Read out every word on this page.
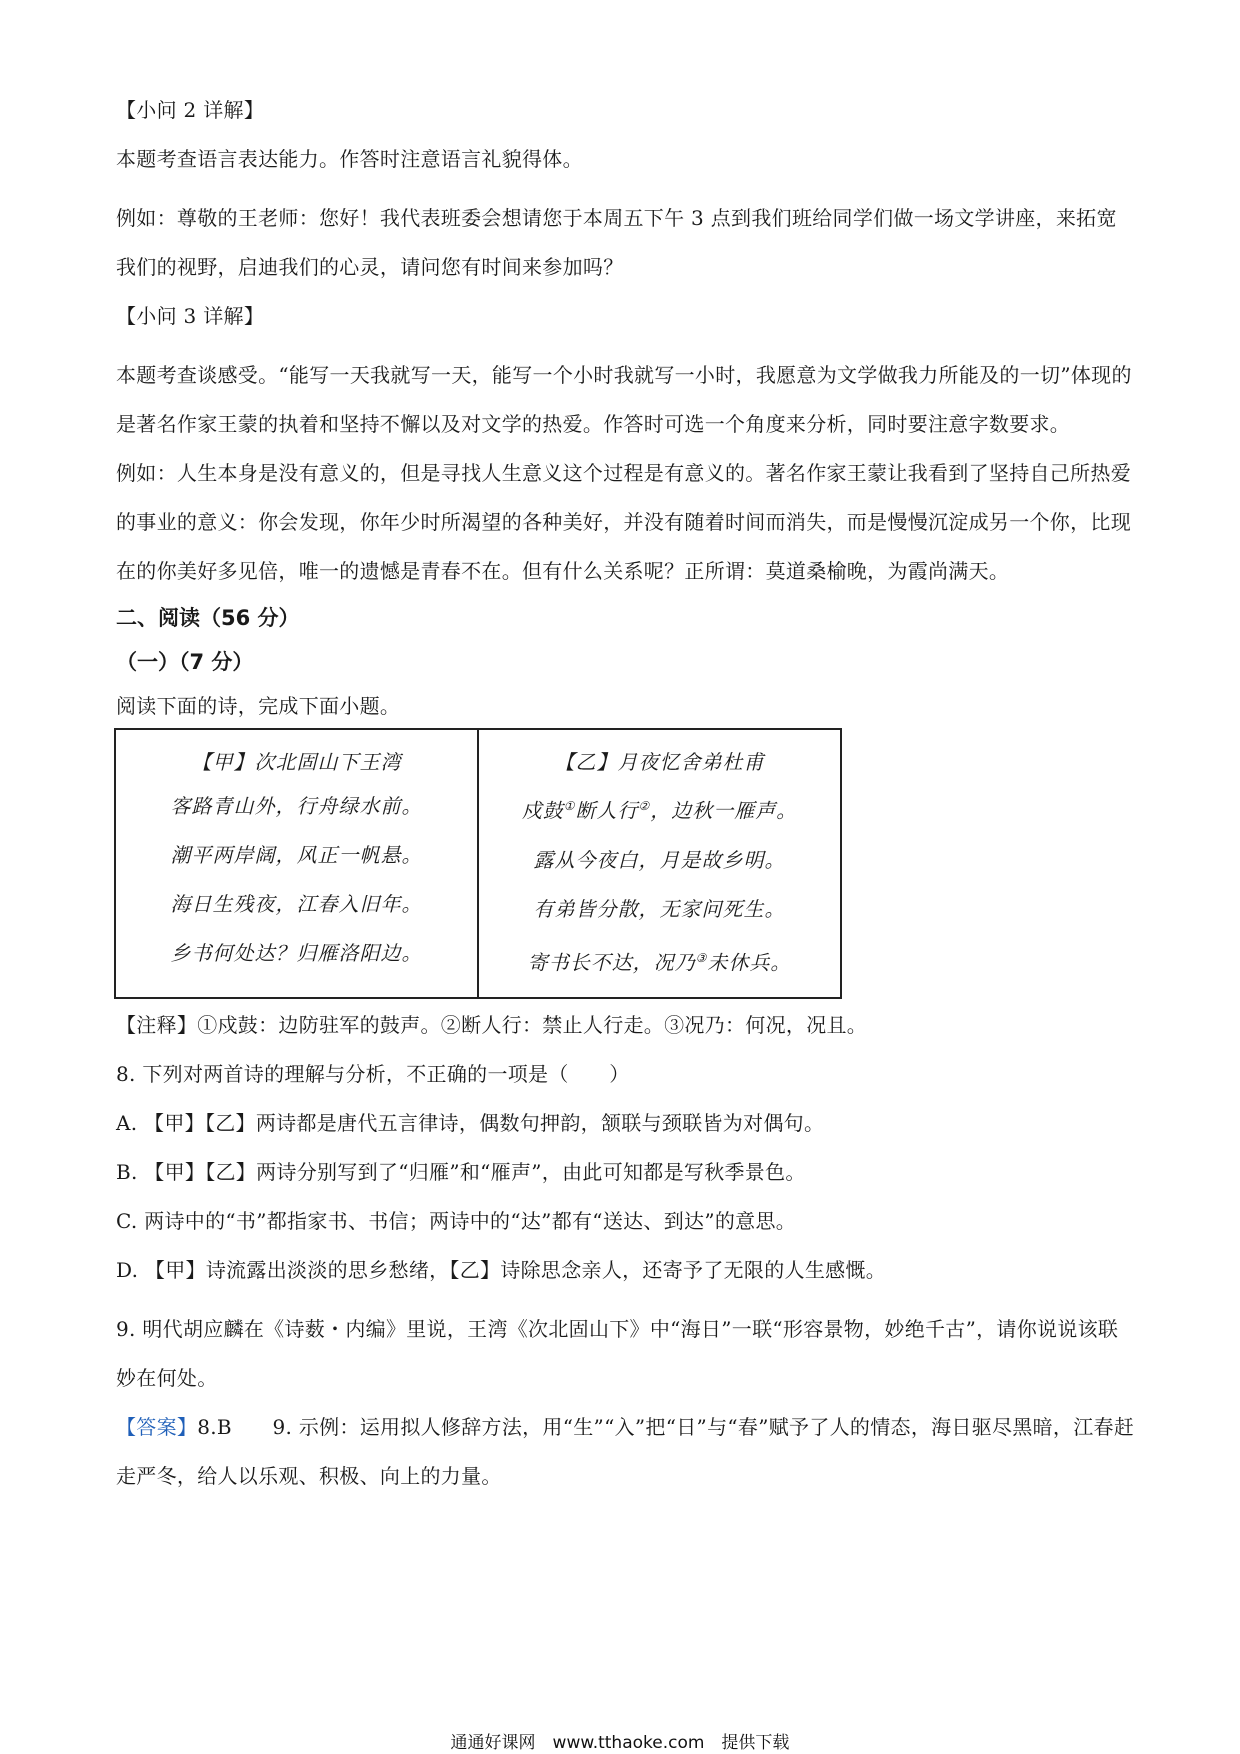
【小问 2 详解】

本题考查语言表达能力。作答时注意语言礼貌得体。

例如：尊敬的王老师：您好！我代表班委会想请您于本周五下午 3 点到我们班给同学们做一场文学讲座，来拓宽我们的视野，启迪我们的心灵，请问您有时间来参加吗？

【小问 3 详解】

本题考查谈感受。“能写一天我就写一天，能写一个小时我就写一小时，我愿意为文学做我力所能及的一切”体现的是著名作家王蒙的执着和坚持不懈以及对文学的热爱。作答时可选一个角度来分析，同时要注意字数要求。

例如：人生本身是没有意义的，但是寻找人生意义这个过程是有意义的。著名作家王蒙让我看到了坚持自己所热爱的事业的意义：你会发现，你年少时所渴望的各种美好，并没有随着时间而消失，而是慢慢沉淀成另一个你，比现在的你美好多见倍，唯一的遗憾是青春不在。但有什么关系呢？正所谓：莫道桑榆晚，为霞尚满天。

二、阅读（56 分）

（一）（7 分）

阅读下面的诗，完成下面小题。

【甲】次北固山下王湾
客路青山外，行舟绿水前。
潮平两岸阔，风正一帆悬。
海日生残夜，江春入旧年。
乡书何处达？归雁洛阳边。

【乙】月夜忆舍弟杜甫
戍鼓①断人行②，边秋一雁声。
露从今夜白，月是故乡明。
有弟皆分散，无家问死生。
寄书长不达，况乃③未休兵。

【注释】①戍鼓：边防驻军的鼓声。②断人行：禁止人行走。③况乃：何况，况且。

8. 下列对两首诗的理解与分析，不正确的一项是（　　）

A. 【甲】【乙】两诗都是唐代五言律诗，偶数句押韵，颔联与颈联皆为对偶句。

B. 【甲】【乙】两诗分别写到了“归雁”和“雁声”，由此可知都是写秋季景色。

C. 两诗中的“书”都指家书、书信；两诗中的“达”都有“送达、到达”的意思。

D. 【甲】诗流露出淡淡的思乡愁绪，【乙】诗除思念亲人，还寄予了无限的人生感慨。

9. 明代胡应麟在《诗薮・内编》里说，王湾《次北固山下》中“海日”一联“形容景物，妙绝千古”，请你说说该联妙在何处。

【答案】8.B　　9. 示例：运用拟人修辞方法，用“生”“入”把“日”与“春”赋予了人的情态，海日驱尽黑暗，江春赶走严冬，给人以乐观、积极、向上的力量。

通通好课网　www.tthaoke.com　提供下载
